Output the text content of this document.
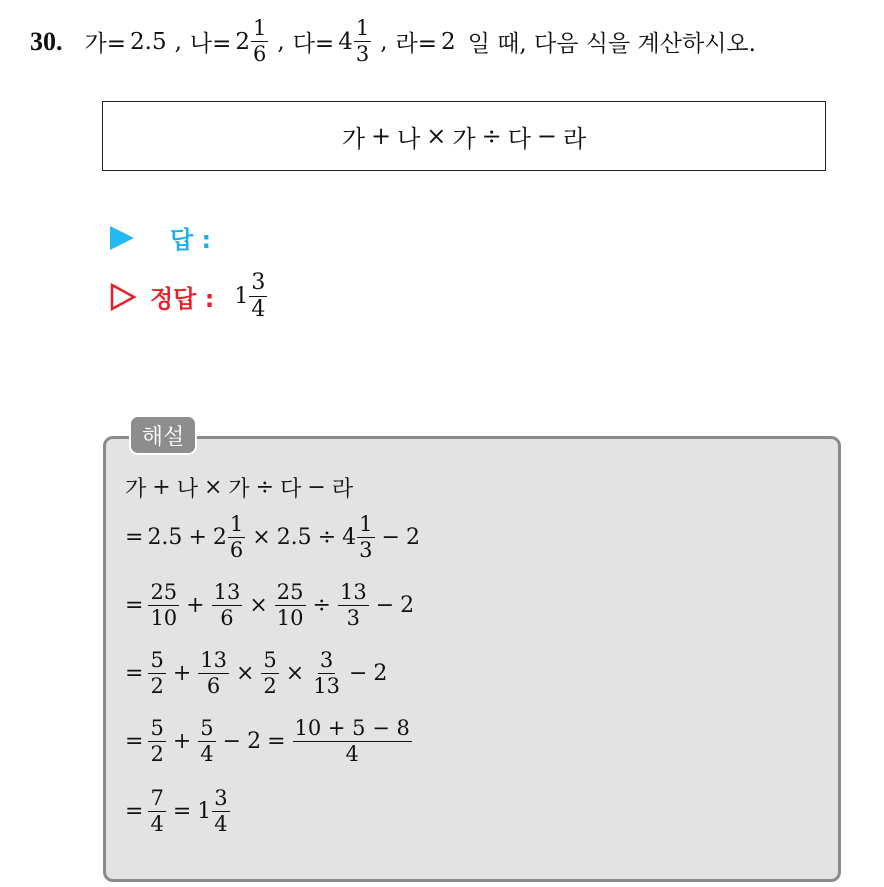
30. 가= 2.5 , 나= $2 \frac{1}{6}$ , 다= $4 \frac{1}{3}$ , 라= 2 일 때, 다음 식을 계산하시오.
가 + 나 × 가 ÷ 다 − 라
답 :
정답 : $1 \frac{3}{4}$
해설
가 + 나 × 가 ÷ 다 − 라
= $2.5 + 2 \frac{1}{6} \times 2.5 \div 4 \frac{1}{3} - 2$
= $\frac{25}{10} + \frac{13}{6} \times \frac{25}{10} \div \frac{13}{3} - 2$
= $\frac{5}{2} + \frac{13}{6} \times \frac{5}{2} \times \frac{3}{13} - 2$
= $\frac{5}{2} + \frac{5}{4} - 2 = \frac{10 + 5 - 8}{4}$
= $\frac{7}{4} = 1 \frac{3}{4}$
